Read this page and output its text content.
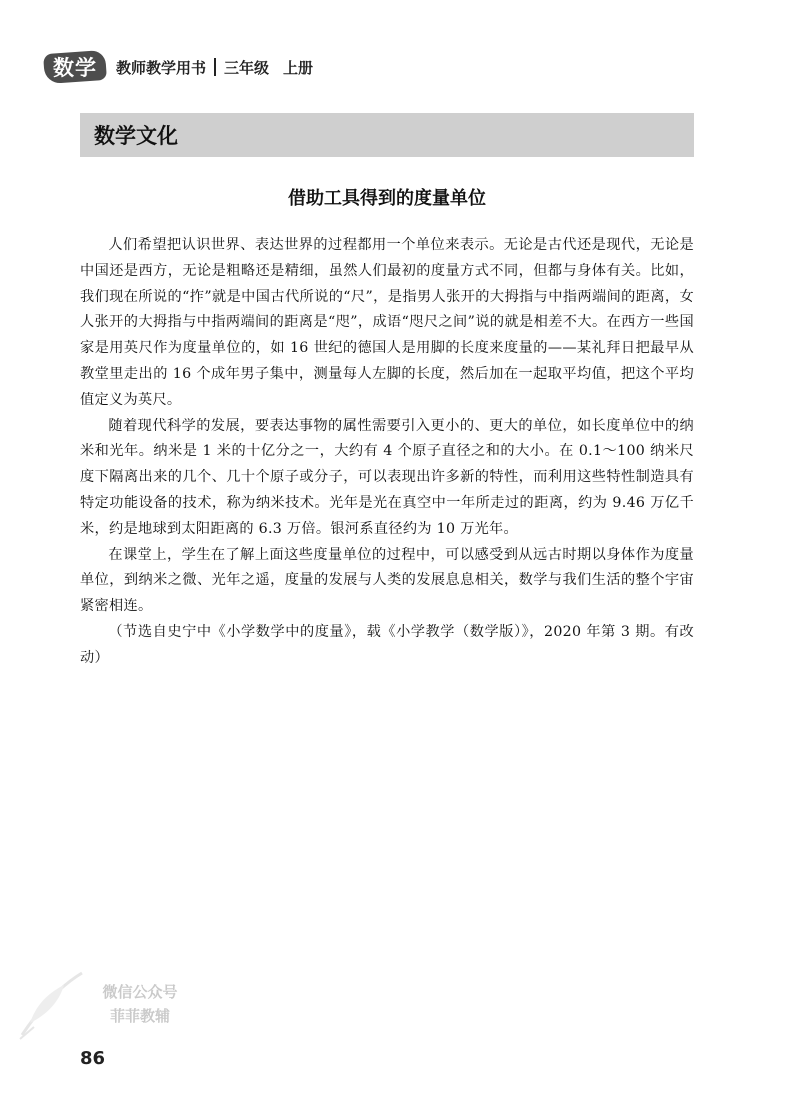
数学 教师教学用书 三年级 上册
数学文化
借助工具得到的度量单位

人们希望把认识世界、表达世界的过程都用一个单位来表示。无论是古代还是现代，无论是中国还是西方，无论是粗略还是精细，虽然人们最初的度量方式不同，但都与身体有关。比如，我们现在所说的“拃”就是中国古代所说的“尺”，是指男人张开的大拇指与中指两端间的距离，女人张开的大拇指与中指两端间的距离是“咫”，成语“咫尺之间”说的就是相差不大。在西方一些国家是用英尺作为度量单位的，如 16 世纪的德国人是用脚的长度来度量的——某礼拜日把最早从教堂里走出的 16 个成年男子集中，测量每人左脚的长度，然后加在一起取平均值，把这个平均值定义为英尺。

随着现代科学的发展，要表达事物的属性需要引入更小的、更大的单位，如长度单位中的纳米和光年。纳米是 1 米的十亿分之一，大约有 4 个原子直径之和的大小。在 0.1～100 纳米尺度下隔离出来的几个、几十个原子或分子，可以表现出许多新的特性，而利用这些特性制造具有特定功能设备的技术，称为纳米技术。光年是光在真空中一年所走过的距离，约为 9.46 万亿千米，约是地球到太阳距离的 6.3 万倍。银河系直径约为 10 万光年。

在课堂上，学生在了解上面这些度量单位的过程中，可以感受到从远古时期以身体作为度量单位，到纳米之微、光年之遥，度量的发展与人类的发展息息相关，数学与我们生活的整个宇宙紧密相连。

（节选自史宁中《小学数学中的度量》，载《小学教学（数学版）》，2020 年第 3 期。有改动）

微信公众号
菲菲教辅
86
